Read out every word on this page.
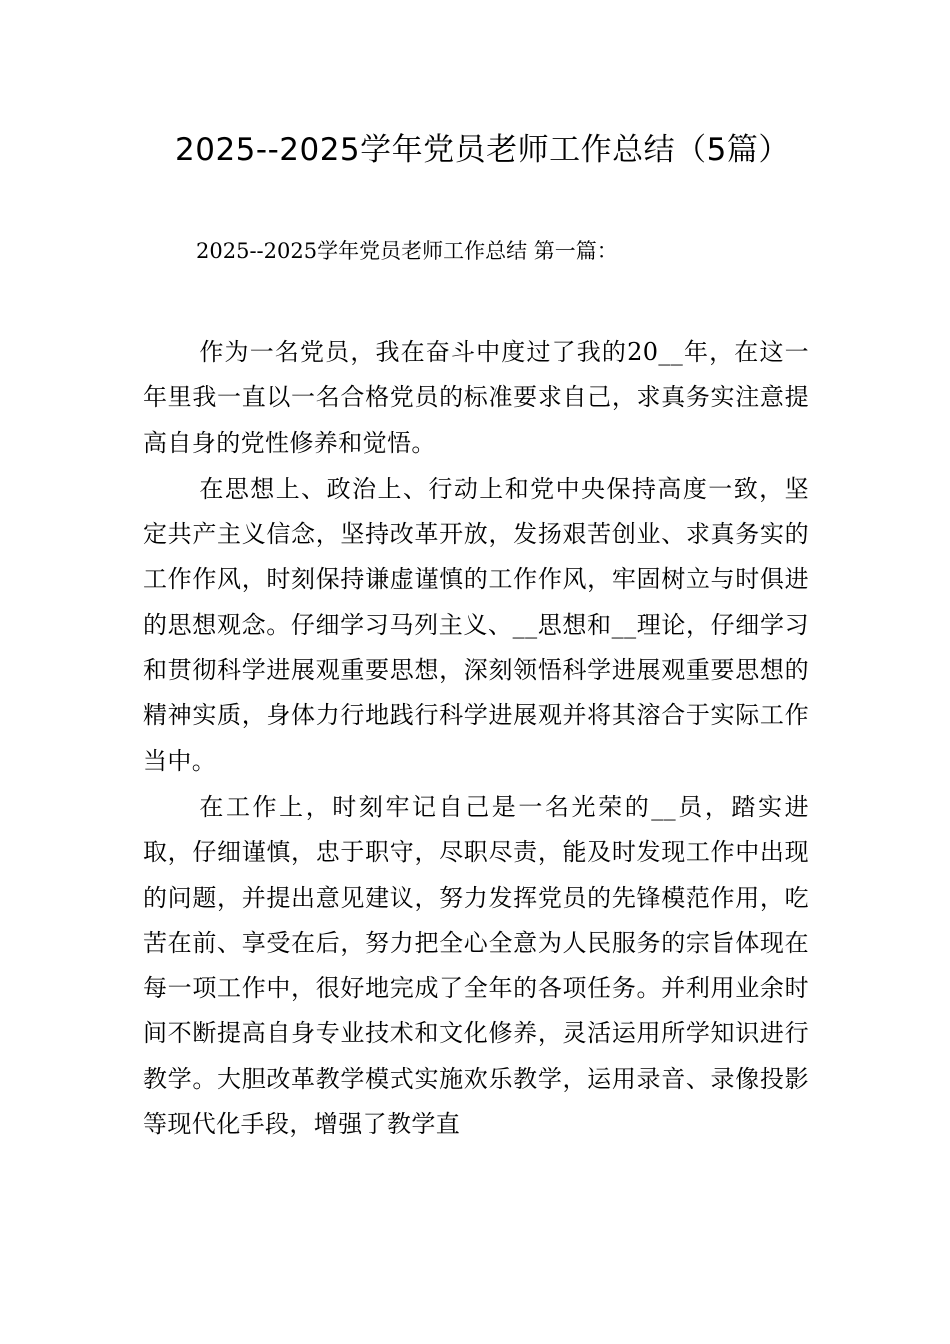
2025--2025学年党员老师工作总结（5篇）
2025--2025学年党员老师工作总结 第一篇：

作为一名党员，我在奋斗中度过了我的20__年，在这一年里我一直以一名合格党员的标准要求自己，求真务实注意提高自身的党性修养和觉悟。

在思想上、政治上、行动上和党中央保持高度一致，坚定共产主义信念，坚持改革开放，发扬艰苦创业、求真务实的工作作风，时刻保持谦虚谨慎的工作作风，牢固树立与时俱进的思想观念。仔细学习马列主义、__思想和__理论，仔细学习和贯彻科学进展观重要思想，深刻领悟科学进展观重要思想的精神实质，身体力行地践行科学进展观并将其溶合于实际工作当中。

在工作上，时刻牢记自己是一名光荣的__员，踏实进取，仔细谨慎，忠于职守，尽职尽责，能及时发现工作中出现的问题，并提出意见建议，努力发挥党员的先锋模范作用，吃苦在前、享受在后，努力把全心全意为人民服务的宗旨体现在每一项工作中，很好地完成了全年的各项任务。并利用业余时间不断提高自身专业技术和文化修养，灵活运用所学知识进行教学。大胆改革教学模式实施欢乐教学，运用录音、录像投影等现代化手段，增强了教学直
